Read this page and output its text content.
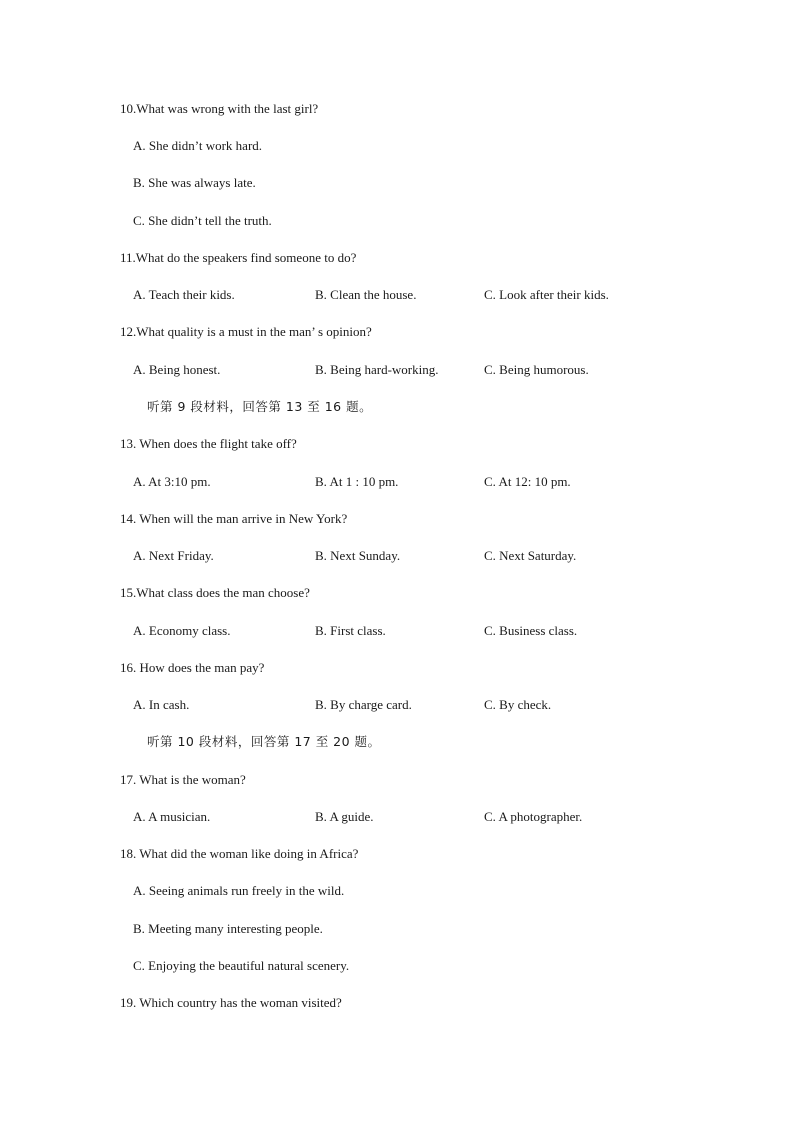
10.What was wrong with the last girl?
A. She didn’t work hard.
B. She was always late.
C. She didn’t tell the truth.
11.What do the speakers find someone to do?
A. Teach their kids.	B. Clean the house.	C. Look after their kids.
12.What quality is a must in the man’ s opinion?
A. Being honest.	B. Being hard-working.	C. Being humorous.
听第 9 段材料，回答第 13 至 16 题。
13. When does the flight take off?
A. At 3:10 pm.	B. At 1 : 10 pm.	C. At 12: 10 pm.
14. When will the man arrive in New York?
A. Next Friday.	B. Next Sunday.	C. Next Saturday.
15.What class does the man choose?
A. Economy class.	B. First class.	C. Business class.
16. How does the man pay?
A. In cash.	B. By charge card.	C. By check.
听第 10 段材料，回答第 17 至 20 题。
17. What is the woman?
A. A musician.	B. A guide.	C. A photographer.
18. What did the woman like doing in Africa?
A. Seeing animals run freely in the wild.
B. Meeting many interesting people.
C. Enjoying the beautiful natural scenery.
19. Which country has the woman visited?
